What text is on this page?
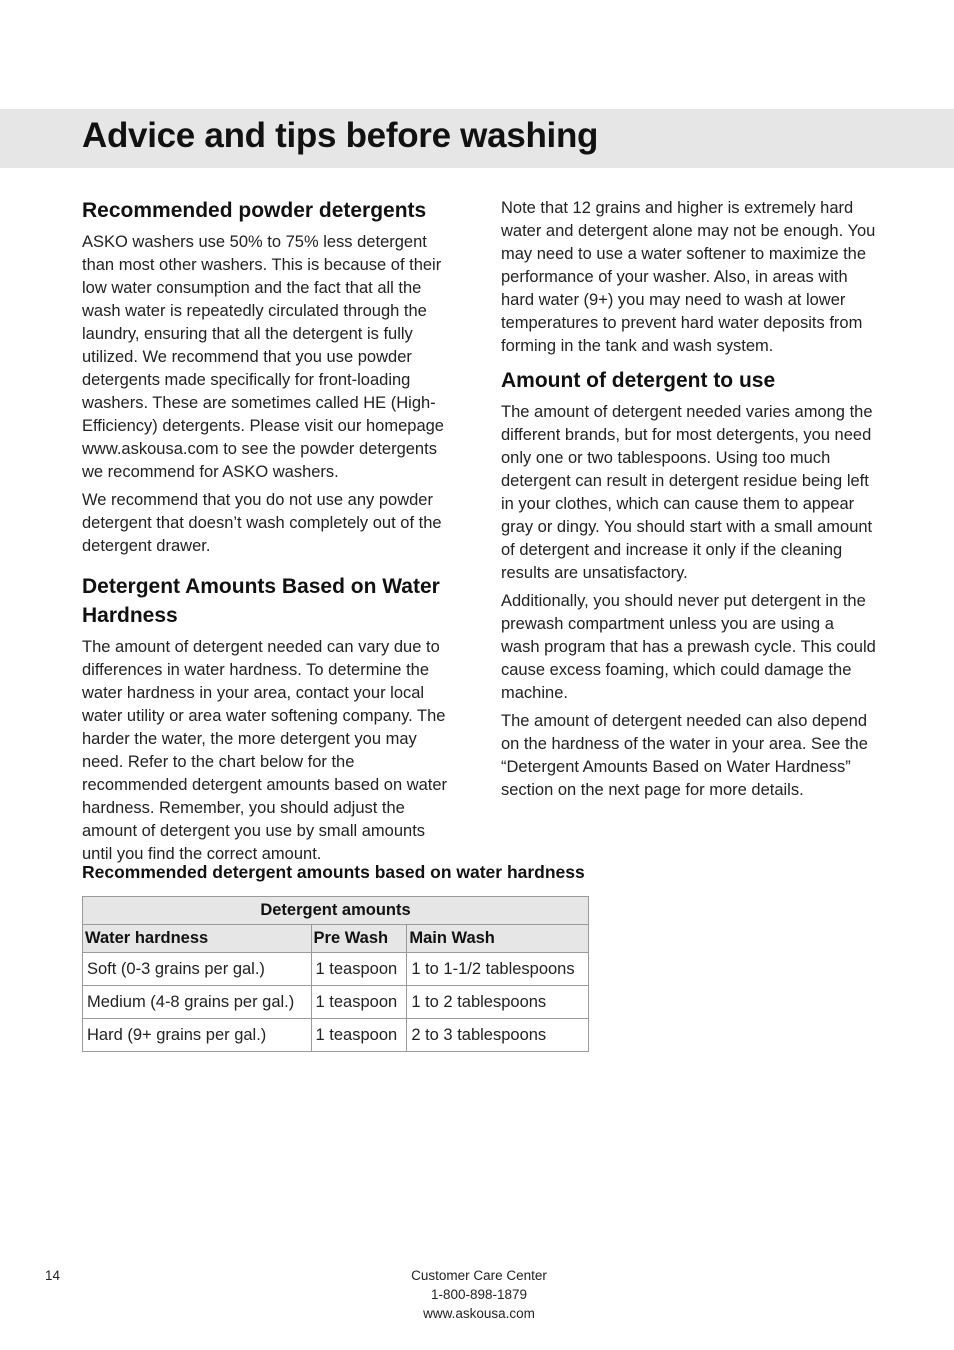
Advice and tips before washing
Recommended powder detergents

ASKO washers use 50% to 75% less detergent than most other washers. This is because of their low water consumption and the fact that all the wash water is repeatedly circulated through the laundry, ensuring that all the detergent is fully utilized. We recommend that you use powder detergents made specifically for front-loading washers. These are sometimes called HE (High-Efficiency) detergents. Please visit our homepage www.askousa.com to see the powder detergents we recommend for ASKO washers.

We recommend that you do not use any powder detergent that doesn’t wash completely out of the detergent drawer.

Detergent Amounts Based on Water Hardness

The amount of detergent needed can vary due to differences in water hardness. To determine the water hardness in your area, contact your local water utility or area water softening company. The harder the water, the more detergent you may need. Refer to the chart below for the recommended detergent amounts based on water hardness. Remember, you should adjust the amount of detergent you use by small amounts until you find the correct amount.

Note that 12 grains and higher is extremely hard water and detergent alone may not be enough. You may need to use a water softener to maximize the performance of your washer. Also, in areas with hard water (9+) you may need to wash at lower temperatures to prevent hard water deposits from forming in the tank and wash system.

Amount of detergent to use

The amount of detergent needed varies among the different brands, but for most detergents, you need only one or two tablespoons. Using too much detergent can result in detergent residue being left in your clothes, which can cause them to appear gray or dingy. You should start with a small amount of detergent and increase it only if the cleaning results are unsatisfactory.

Additionally, you should never put detergent in the prewash compartment unless you are using a wash program that has a prewash cycle. This could cause excess foaming, which could damage the machine.

The amount of detergent needed can also depend on the hardness of the water in your area. See the “Detergent Amounts Based on Water Hardness” section on the next page for more details.

Recommended detergent amounts based on water hardness
Detergent amounts		
Water hardness	Pre Wash	Main Wash
Soft (0-3 grains per gal.)	1 teaspoon	1 to 1-1/2 tablespoons
Medium (4-8 grains per gal.)	1 teaspoon	1 to 2 tablespoons
Hard (9+ grains per gal.)	1 teaspoon	2 to 3 tablespoons
14	Customer Care Center
1-800-898-1879
www.askousa.com
